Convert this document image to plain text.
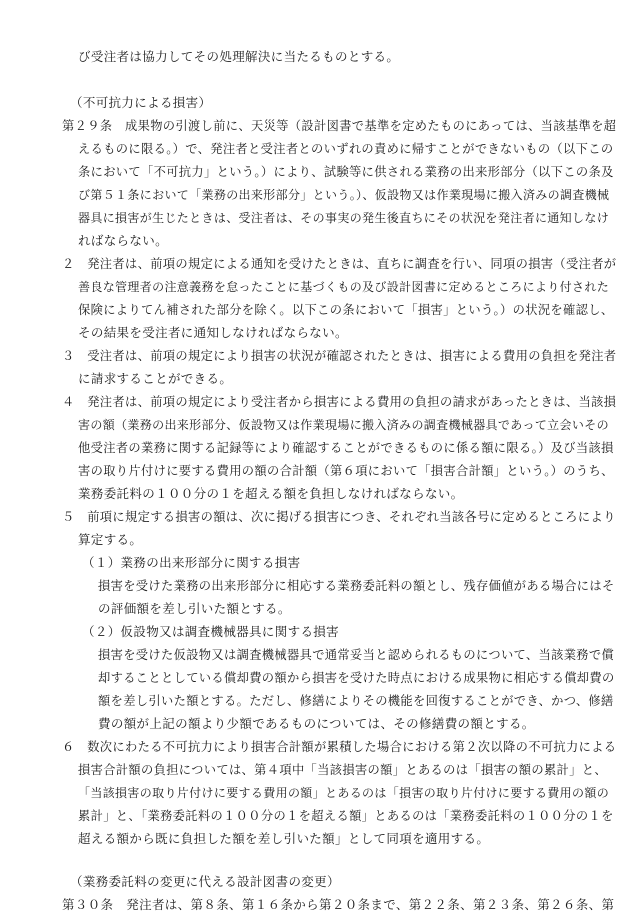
び受注者は協力してその処理解決に当たるものとする。
（不可抗力による損害）
第２９条　成果物の引渡し前に、天災等（設計図書で基準を定めたものにあっては、当該基準を超
えるものに限る。）で、発注者と受注者とのいずれの責めに帰すことができないもの（以下この
条において「不可抗力」という。）により、試験等に供される業務の出来形部分（以下この条及
び第５１条において「業務の出来形部分」という。）、仮設物又は作業現場に搬入済みの調査機械
器具に損害が生じたときは、受注者は、その事実の発生後直ちにその状況を発注者に通知しなけ
ればならない。
２　発注者は、前項の規定による通知を受けたときは、直ちに調査を行い、同項の損害（受注者が
善良な管理者の注意義務を怠ったことに基づくもの及び設計図書に定めるところにより付された
保険によりてん補された部分を除く。以下この条において「損害」という。）の状況を確認し、
その結果を受注者に通知しなければならない。
３　受注者は、前項の規定により損害の状況が確認されたときは、損害による費用の負担を発注者
に請求することができる。
４　発注者は、前項の規定により受注者から損害による費用の負担の請求があったときは、当該損
害の額（業務の出来形部分、仮設物又は作業現場に搬入済みの調査機械器具であって立会いその
他受注者の業務に関する記録等により確認することができるものに係る額に限る。）及び当該損
害の取り片付けに要する費用の額の合計額（第６項において「損害合計額」という。）のうち、
業務委託料の１００分の１を超える額を負担しなければならない。
５　前項に規定する損害の額は、次に掲げる損害につき、それぞれ当該各号に定めるところにより
算定する。
（１）業務の出来形部分に関する損害
損害を受けた業務の出来形部分に相応する業務委託料の額とし、残存価値がある場合にはそ
の評価額を差し引いた額とする。
（２）仮設物又は調査機械器具に関する損害
損害を受けた仮設物又は調査機械器具で通常妥当と認められるものについて、当該業務で償
却することとしている償却費の額から損害を受けた時点における成果物に相応する償却費の
額を差し引いた額とする。ただし、修繕によりその機能を回復することができ、かつ、修繕
費の額が上記の額より少額であるものについては、その修繕費の額とする。
６　数次にわたる不可抗力により損害合計額が累積した場合における第２次以降の不可抗力による
損害合計額の負担については、第４項中「当該損害の額」とあるのは「損害の額の累計」と、
「当該損害の取り片付けに要する費用の額」とあるのは「損害の取り片付けに要する費用の額の
累計」と、「業務委託料の１００分の１を超える額」とあるのは「業務委託料の１００分の１を
超える額から既に負担した額を差し引いた額」として同項を適用する。
（業務委託料の変更に代える設計図書の変更）
第３０条　発注者は、第８条、第１６条から第２０条まで、第２２条、第２３条、第２６条、第
